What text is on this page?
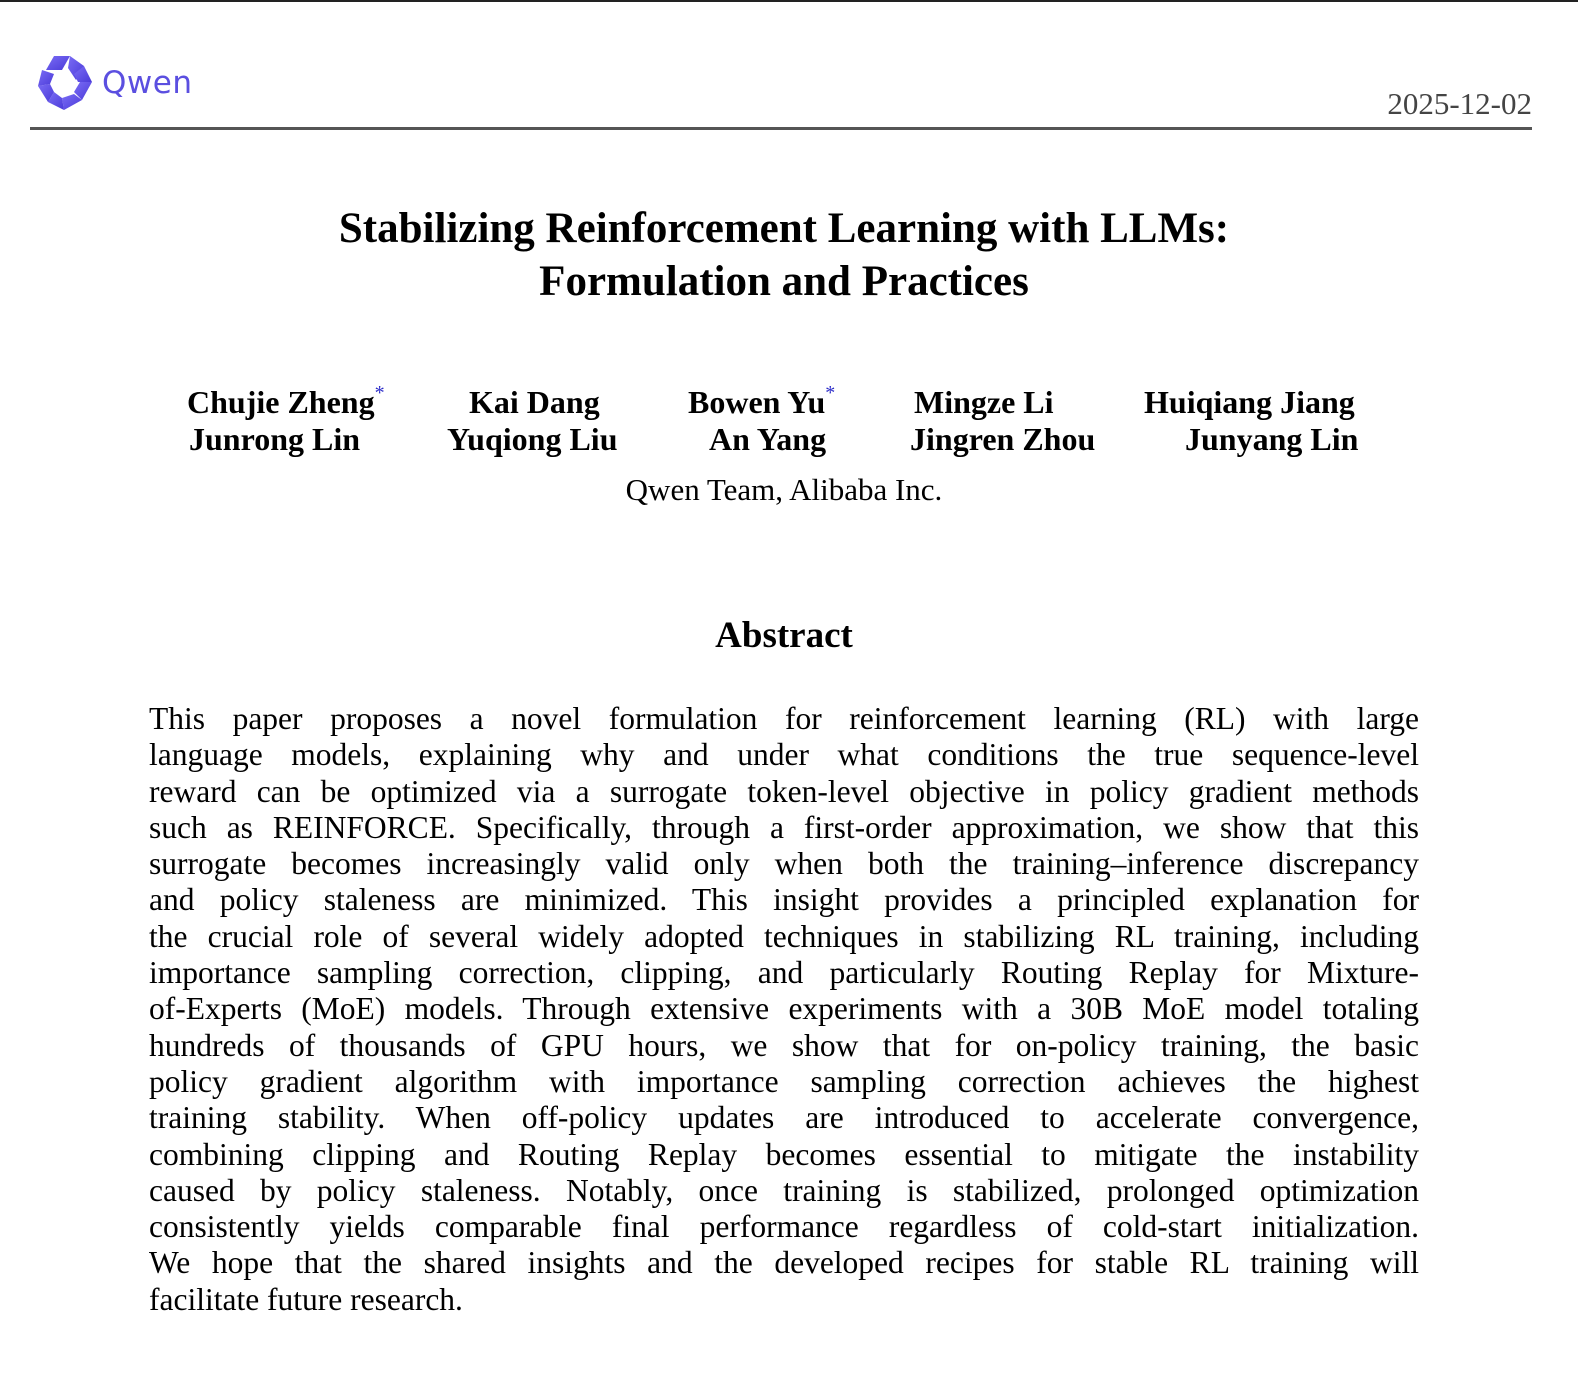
Qwen
2025-12-02
Stabilizing Reinforcement Learning with LLMs:
Formulation and Practices
Chujie Zheng*	Kai Dang	Bowen Yu* Mingze Li	Huiqiang Jiang
Junrong Lin	Yuqiong Liu	An Yang	Jingren Zhou	Junyang Lin
Qwen Team, Alibaba Inc.
Abstract
This paper proposes a novel formulation for reinforcement learning (RL) with large
language models, explaining why and under what conditions the true sequence-level
reward can be optimized via a surrogate token-level objective in policy gradient methods
such as REINFORCE. Specifically, through a first-order approximation, we show that this
surrogate becomes increasingly valid only when both the training–inference discrepancy
and policy staleness are minimized. This insight provides a principled explanation for
the crucial role of several widely adopted techniques in stabilizing RL training, including
importance sampling correction, clipping, and particularly Routing Replay for Mixture-
of-Experts (MoE) models. Through extensive experiments with a 30B MoE model totaling
hundreds of thousands of GPU hours, we show that for on-policy training, the basic
policy gradient algorithm with importance sampling correction achieves the highest
training stability. When off-policy updates are introduced to accelerate convergence,
combining clipping and Routing Replay becomes essential to mitigate the instability
caused by policy staleness. Notably, once training is stabilized, prolonged optimization
consistently yields comparable final performance regardless of cold-start initialization.
We hope that the shared insights and the developed recipes for stable RL training will
facilitate future research.
